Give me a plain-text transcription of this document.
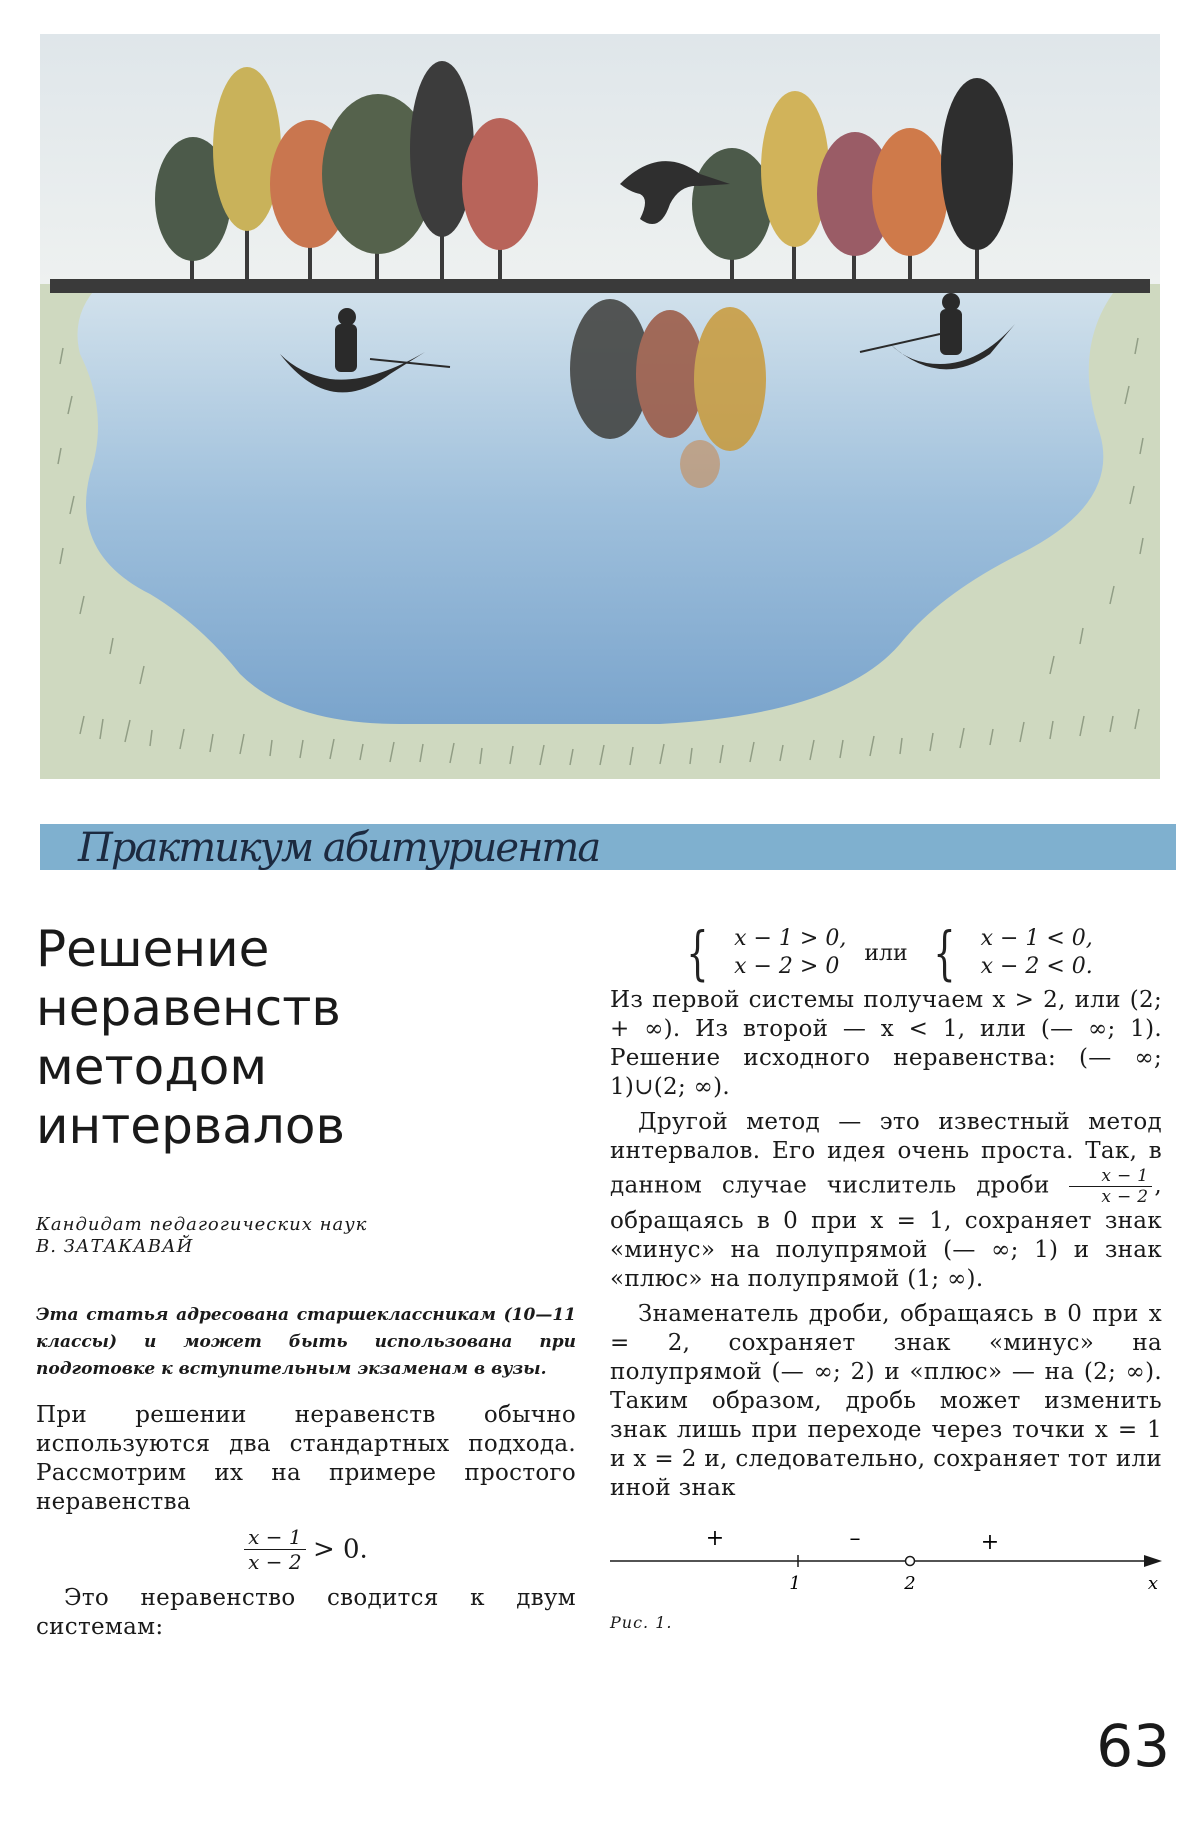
Практикум абитуриента
Решение
неравенств
методом
интервалов
Кандидат педагогических наук
В. ЗАТАКАВАЙ
Эта статья адресована старшеклассникам (10—11 классы) и может быть использована при подготовке к вступительным экзаменам в вузы.

При решении неравенств обычно используются два стандартных подхода. Рассмотрим их на примере простого неравенства

$\frac{x - 1}{x - 2} > 0$.

Это неравенство сводится к двум системам:

{ x − 1 > 0,
x − 2 > 0
или { x − 1 < 0,
x − 2 < 0.

Из первой системы получаем x > 2, или (2; + ∞). Из второй — x < 1, или (— ∞; 1). Решение исходного неравенства: (— ∞; 1)∪(2; ∞).

Другой метод — это известный метод интервалов. Его идея очень проста. Так, в данном случае числитель дроби $\frac{x - 1}{x - 2}$ , обращаясь в 0 при x = 1, сохраняет знак «минус» на полупрямой (— ∞; 1) и знак «плюс» на полупрямой (1; ∞).

Знаменатель дроби, обращаясь в 0 при x = 2, сохраняет знак «минус» на полупрямой (— ∞; 2) и «плюс» — на (2; ∞). Таким образом, дробь может изменить знак лишь при переходе через точки x = 1 и x = 2 и, следовательно, сохраняет тот или иной знак

+	–	+
1	2	x
Рис. 1.
63
